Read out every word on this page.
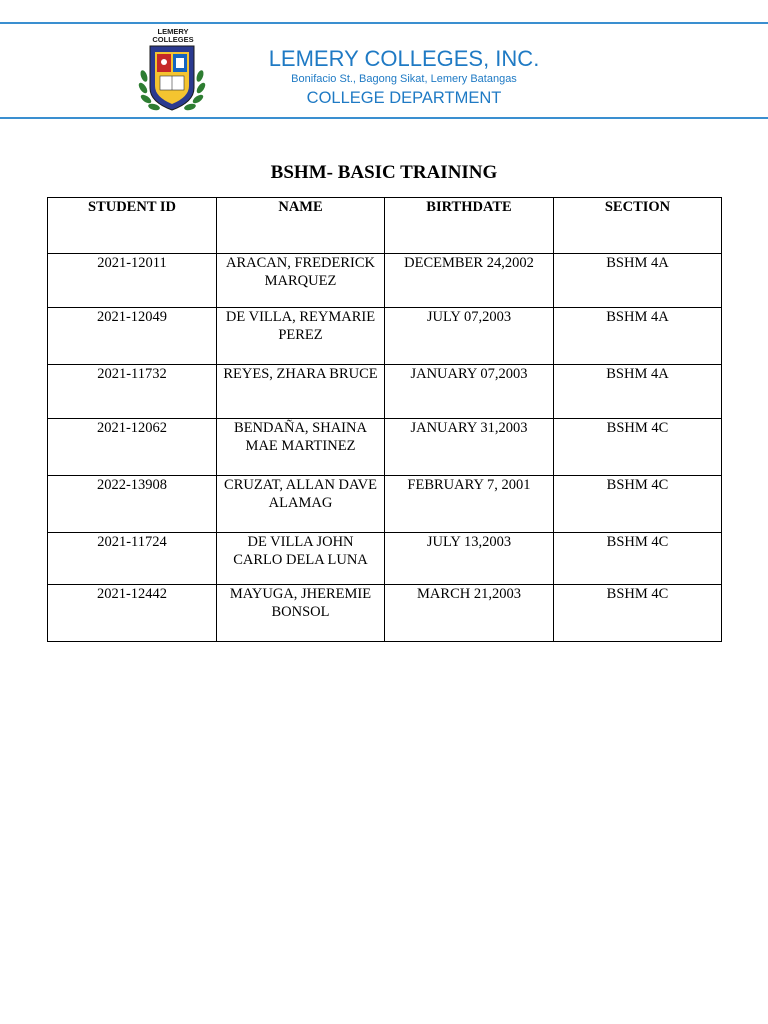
LEMERY
COLLEGES
LEMERY COLLEGES, INC.
Bonifacio St., Bagong Sikat, Lemery Batangas
COLLEGE DEPARTMENT
BSHM- BASIC TRAINING
STUDENT ID	NAME	BIRTHDATE	SECTION
2021-12011	ARACAN, FREDERICK MARQUEZ	DECEMBER 24,2002	BSHM 4A
2021-12049	DE VILLA, REYMARIE PEREZ	JULY 07,2003	BSHM 4A
2021-11732	REYES, ZHARA BRUCE	JANUARY 07,2003	BSHM 4A
2021-12062	BENDAÑA, SHAINA MAE MARTINEZ	JANUARY 31,2003	BSHM 4C
2022-13908	CRUZAT, ALLAN DAVE ALAMAG	FEBRUARY 7, 2001	BSHM 4C
2021-11724	DE VILLA JOHN CARLO DELA LUNA	JULY 13,2003	BSHM 4C
2021-12442	MAYUGA, JHEREMIE BONSOL	MARCH 21,2003	BSHM 4C
